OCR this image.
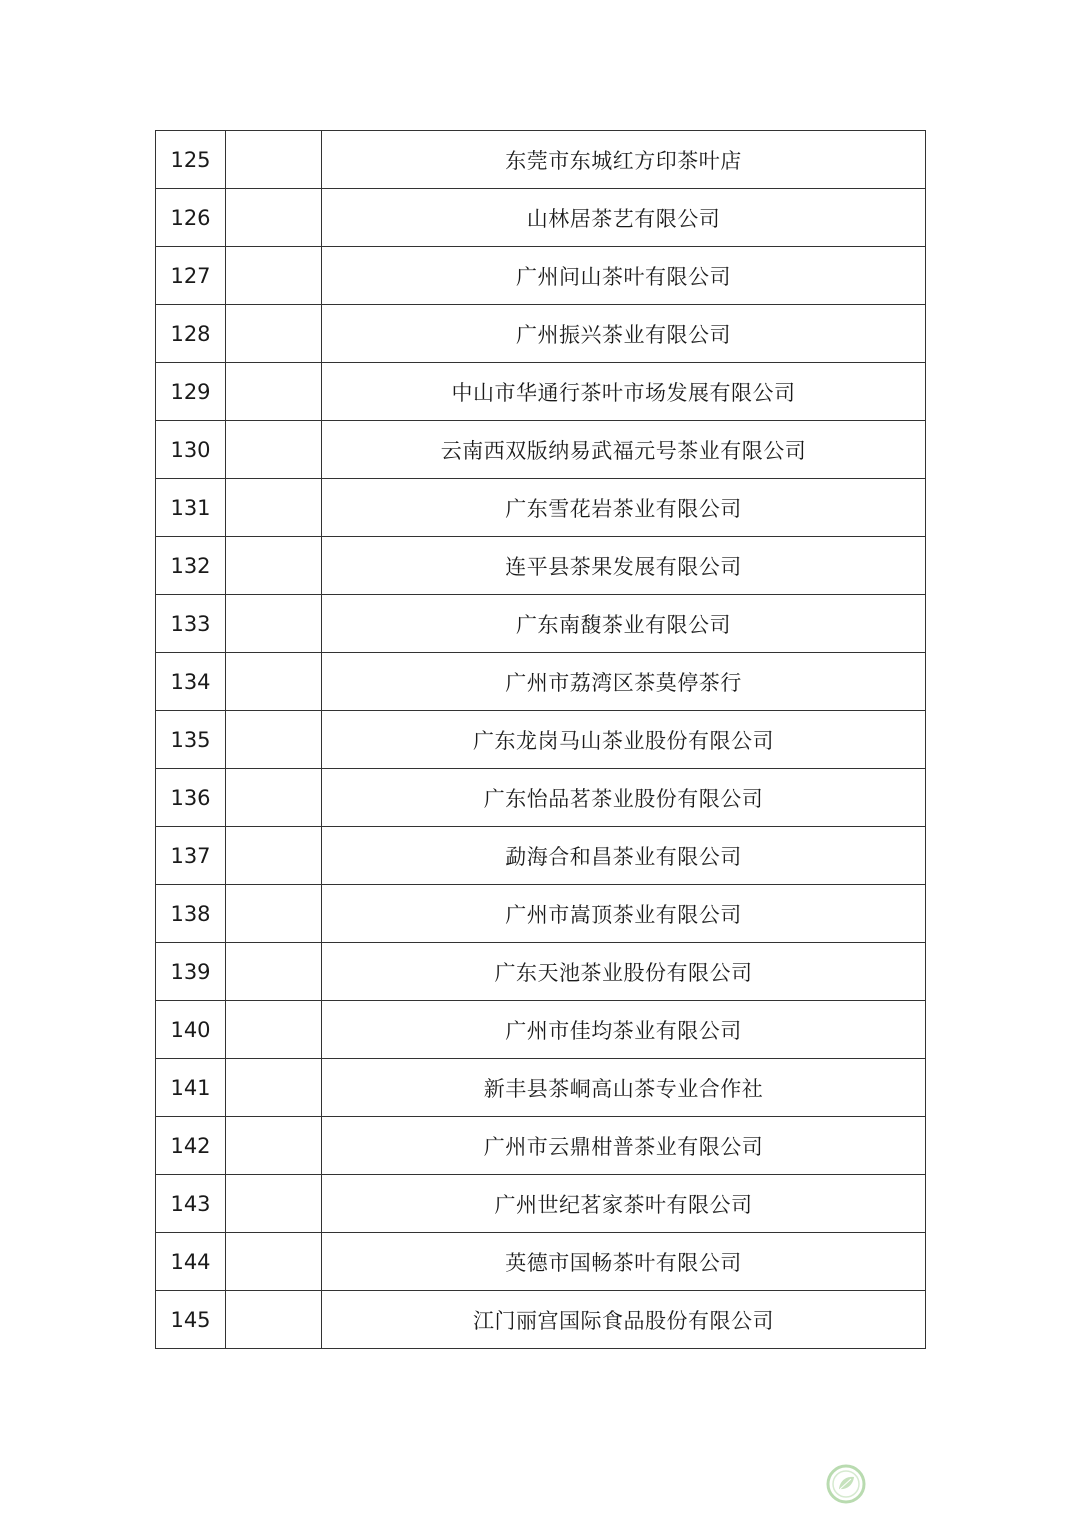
125		东莞市东城红方印茶叶店
126		山林居茶艺有限公司
127		广州问山茶叶有限公司
128		广州振兴茶业有限公司
129		中山市华通行茶叶市场发展有限公司
130		云南西双版纳易武福元号茶业有限公司
131		广东雪花岩茶业有限公司
132		连平县茶果发展有限公司
133		广东南馥茶业有限公司
134		广州市荔湾区茶莫停茶行
135		广东龙岗马山茶业股份有限公司
136		广东怡品茗茶业股份有限公司
137		勐海合和昌茶业有限公司
138		广州市嵩顶茶业有限公司
139		广东天池茶业股份有限公司
140		广州市佳均茶业有限公司
141		新丰县茶峒高山茶专业合作社
142		广州市云鼎柑普茶业有限公司
143		广州世纪茗家茶叶有限公司
144		英德市国畅茶叶有限公司
145		江门丽宫国际食品股份有限公司
